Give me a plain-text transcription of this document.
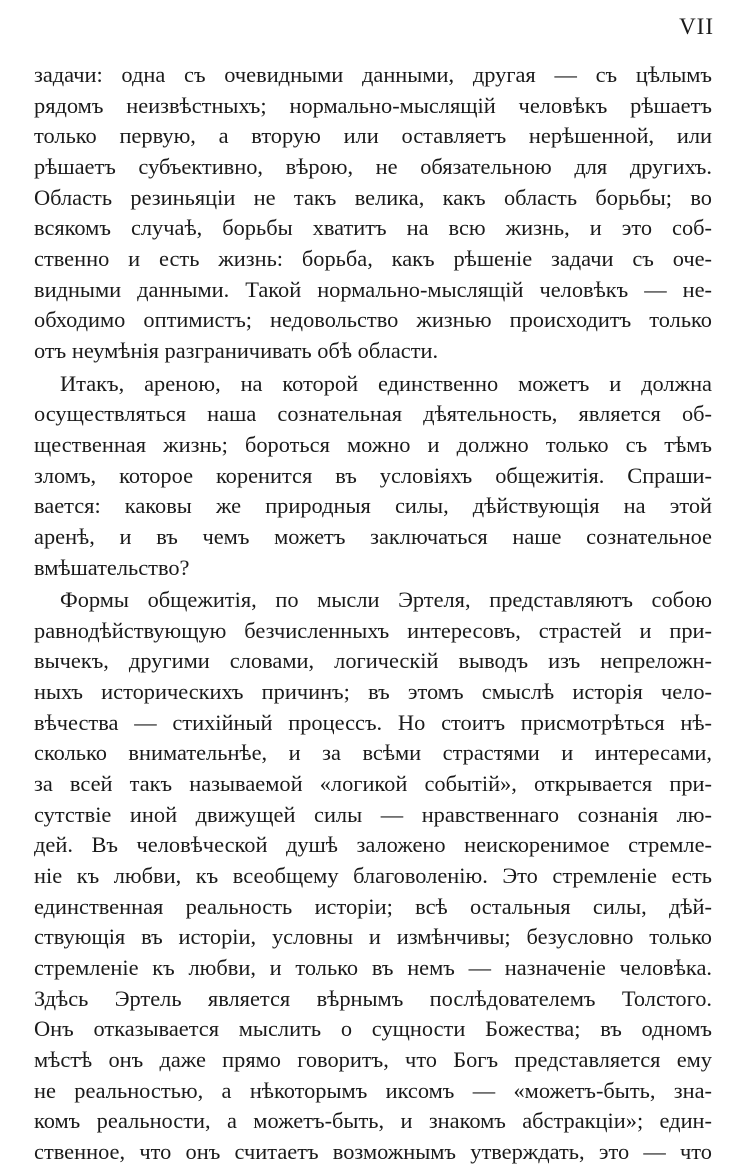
VII
задачи: одна съ очевидными данными, другая — съ цѣлымъ
рядомъ неизвѣстныхъ; нормально-мыслящій человѣкъ рѣшаетъ
только первую, а вторую или оставляетъ нерѣшенной, или
рѣшаетъ субъективно, вѣрою, не обязательною для другихъ.
Область резиньяціи не такъ велика, какъ область борьбы; во
всякомъ случаѣ, борьбы хватитъ на всю жизнь, и это соб-
ственно и есть жизнь: борьба, какъ рѣшеніе задачи съ оче-
видными данными. Такой нормально-мыслящій человѣкъ — не-
обходимо оптимистъ; недовольство жизнью происходитъ только
отъ неумѣнія разграничивать обѣ области.
Итакъ, ареною, на которой единственно можетъ и должна
осуществляться наша сознательная дѣятельность, является об-
щественная жизнь; бороться можно и должно только съ тѣмъ
зломъ, которое коренится въ условіяхъ общежитія. Спраши-
вается: каковы же природныя силы, дѣйствующія на этой
аренѣ, и въ чемъ можетъ заключаться наше сознательное
вмѣшательство?
Формы общежитія, по мысли Эртеля, представляютъ собою
равнодѣйствующую безчисленныхъ интересовъ, страстей и при-
вычекъ, другими словами, логическій выводъ изъ непреложн-
ныхъ историческихъ причинъ; въ этомъ смыслѣ исторія чело-
вѣчества — стихійный процессъ. Но стоитъ присмотрѣться нѣ-
сколько внимательнѣе, и за всѣми страстями и интересами,
за всей такъ называемой «логикой событій», открывается при-
сутствіе иной движущей силы — нравственнаго сознанія лю-
дей. Въ человѣческой душѣ заложено неискоренимое стремле-
ніе къ любви, къ всеобщему благоволенію. Это стремленіе есть
единственная реальность исторіи; всѣ остальныя силы, дѣй-
ствующія въ исторіи, условны и измѣнчивы; безусловно только
стремленіе къ любви, и только въ немъ — назначеніе человѣка.
Здѣсь Эртель является вѣрнымъ послѣдователемъ Толстого.
Онъ отказывается мыслить о сущности Божества; въ одномъ
мѣстѣ онъ даже прямо говоритъ, что Богъ представляется ему
не реальностью, а нѣкоторымъ иксомъ — «можетъ-быть, зна-
комъ реальности, а можетъ-быть, и знакомъ абстракціи»; един-
ственное, что онъ считаетъ возможнымъ утверждать, это — что
